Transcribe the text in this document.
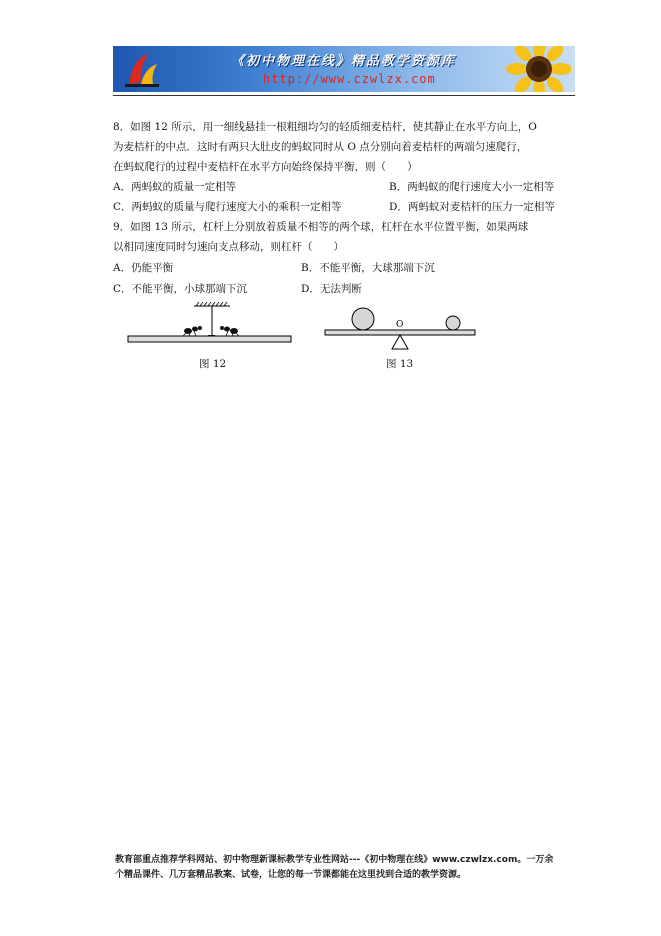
《初中物理在线》精品教学资源库
http://www.czwlzx.com
8．如图 12 所示，用一细线悬挂一根粗细均匀的轻质细麦桔杆，使其静止在水平方向上，O
为麦桔杆的中点．这时有两只大肚皮的蚂蚁同时从 O 点分别向着麦桔杆的两端匀速爬行，
在蚂蚁爬行的过程中麦桔杆在水平方向始终保持平衡，则（　　）
A．两蚂蚁的质量一定相等	B．两蚂蚁的爬行速度大小一定相等
C．两蚂蚁的质量与爬行速度大小的乘积一定相等	D．两蚂蚁对麦桔杆的压力一定相等
9．如图 13 所示，杠杆上分别放着质量不相等的两个球，杠杆在水平位置平衡，如果两球
以相同速度同时匀速向支点移动，则杠杆（　　）
A．仍能平衡	B．不能平衡，大球那端下沉
C．不能平衡，小球那端下沉	D．无法判断
图 12
O
图 13
教育部重点推荐学科网站、初中物理新课标教学专业性网站---《初中物理在线》www.czwlzx.com。一万余
个精品课件、几万套精品教案、试卷，让您的每一节课都能在这里找到合适的教学资源。
